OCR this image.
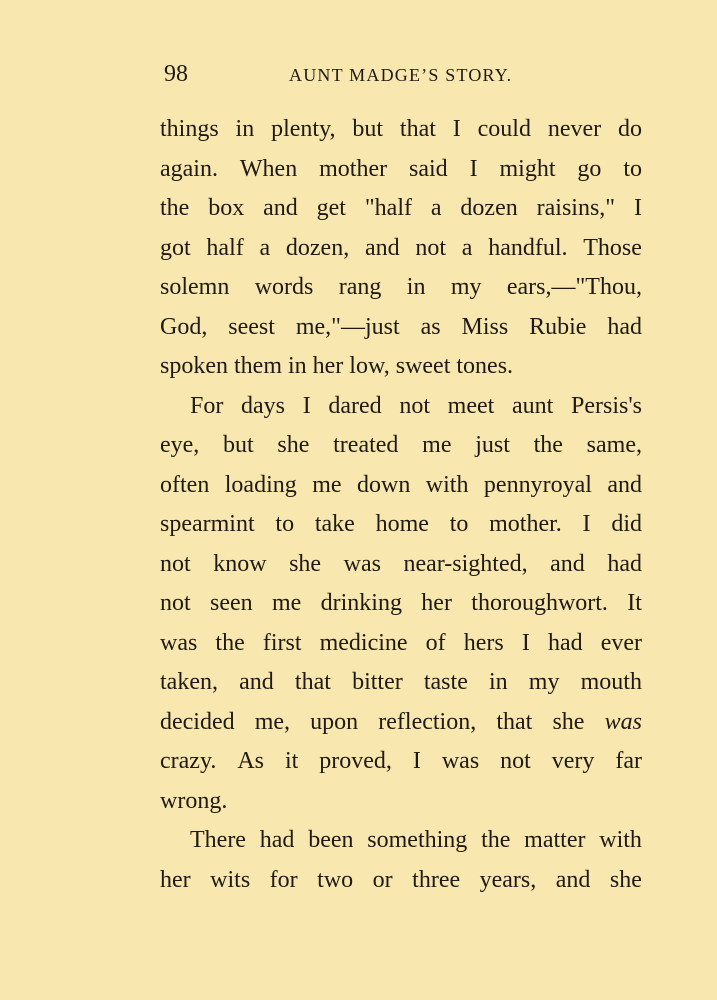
98	AUNT MADGE’S STORY.
things in plenty, but that I could never do
again. When mother said I might go to
the box and get "half a dozen raisins," I
got half a dozen, and not a handful. Those
solemn words rang in my ears,—"Thou,
God, seest me,"—just as Miss Rubie had
spoken them in her low, sweet tones.
For days I dared not meet aunt Persis's
eye, but she treated me just the same,
often loading me down with pennyroyal and
spearmint to take home to mother. I did
not know she was near-sighted, and had
not seen me drinking her thoroughwort. It
was the first medicine of hers I had ever
taken, and that bitter taste in my mouth
decided me, upon reflection, that she was
crazy. As it proved, I was not very far
wrong.
There had been something the matter with
her wits for two or three years, and she
